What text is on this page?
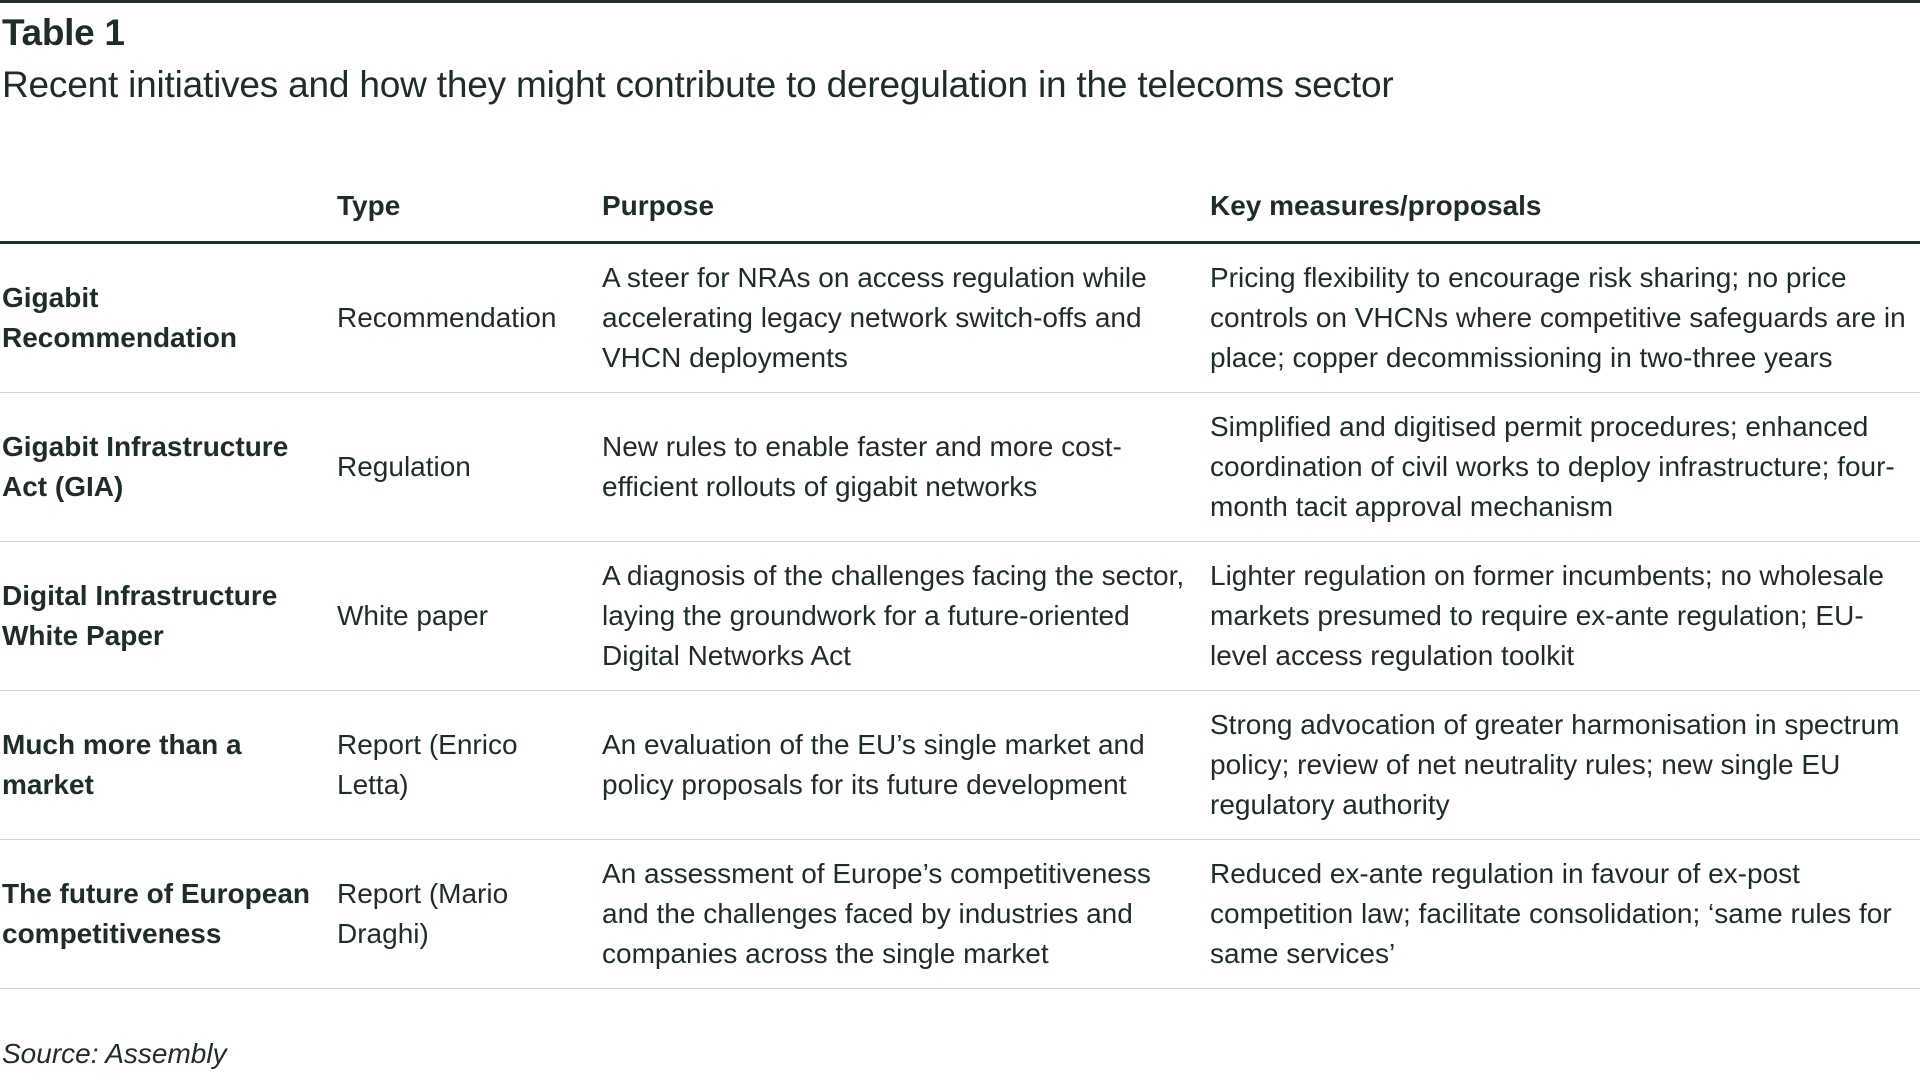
Table 1
Recent initiatives and how they might contribute to deregulation in the telecoms sector
Type	Purpose	Key measures/proposals
Gigabit Recommendation
Recommendation
A steer for NRAs on access regulation while accelerating legacy network switch-offs and VHCN deployments
Pricing flexibility to encourage risk sharing; no price controls on VHCNs where competitive safeguards are in place; copper decommissioning in two-three years
Gigabit Infrastructure Act (GIA)
Regulation
New rules to enable faster and more cost-efficient rollouts of gigabit networks
Simplified and digitised permit procedures; enhanced coordination of civil works to deploy infrastructure; four-month tacit approval mechanism
Digital Infrastructure White Paper
White paper
A diagnosis of the challenges facing the sector, laying the groundwork for a future-oriented Digital Networks Act
Lighter regulation on former incumbents; no wholesale markets presumed to require ex-ante regulation; EU-level access regulation toolkit
Much more than a market
Report (Enrico Letta)
An evaluation of the EU’s single market and policy proposals for its future development
Strong advocation of greater harmonisation in spectrum policy; review of net neutrality rules; new single EU regulatory authority
The future of European competitiveness
Report (Mario Draghi)
An assessment of Europe’s competitiveness and the challenges faced by industries and companies across the single market
Reduced ex-ante regulation in favour of ex-post competition law; facilitate consolidation; ‘same rules for same services’
Source: Assembly
